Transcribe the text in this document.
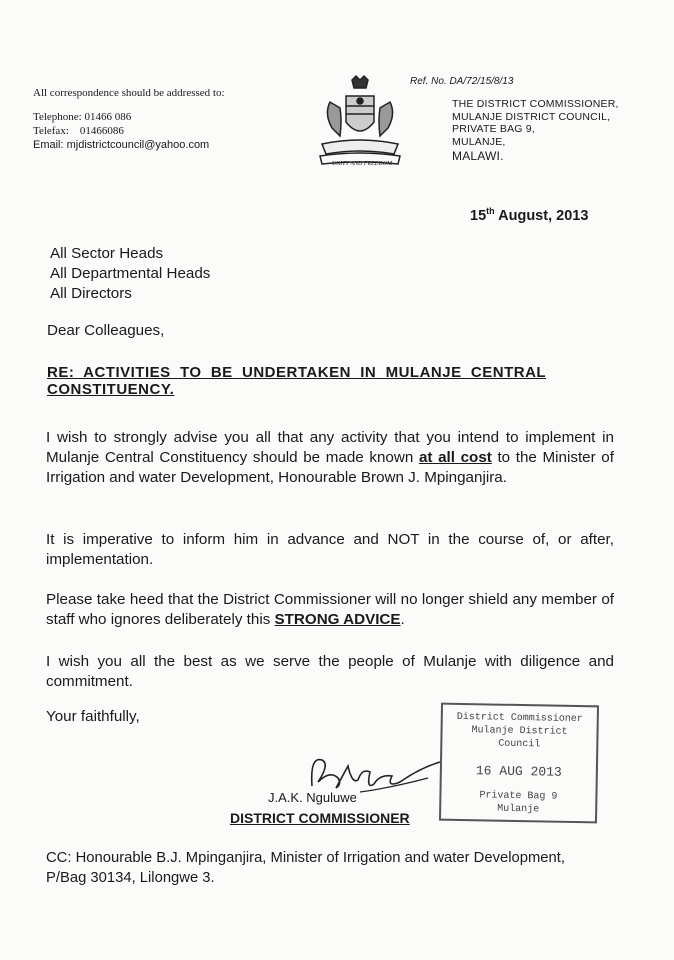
All correspondence should be addressed to:
Telephone: 01466 086
Telefax:    01466086
Email: mjdistrictcouncil@yahoo.com
UNITY AND FREEDOM
Ref. No. DA/72/15/8/13
THE DISTRICT COMMISSIONER,
MULANJE DISTRICT COUNCIL,
PRIVATE BAG 9,
MULANJE,
MALAWI.
15th August, 2013
All Sector Heads
All Departmental Heads
All Directors
Dear Colleagues,
RE:  ACTIVITIES  TO  BE  UNDERTAKEN  IN  MULANJE  CENTRAL
CONSTITUENCY.
I wish to strongly advise you all that any activity that you intend to implement in Mulanje Central Constituency should be made known at all cost to the Minister of Irrigation and water Development, Honourable Brown J. Mpinganjira.
It is imperative to inform him in advance and NOT in the course of, or after, implementation.
Please take heed that the District Commissioner will no longer shield any member of staff who ignores deliberately this STRONG ADVICE.
I wish you all the best as we serve the people of Mulanje with diligence and commitment.
Your faithfully,
J.A.K. Nguluwe
DISTRICT COMMISSIONER
District Commissioner
Mulanje District Council
16 AUG 2013
Private Bag 9
Mulanje
CC: Honourable B.J. Mpinganjira, Minister of Irrigation and water Development, P/Bag 30134, Lilongwe 3.
